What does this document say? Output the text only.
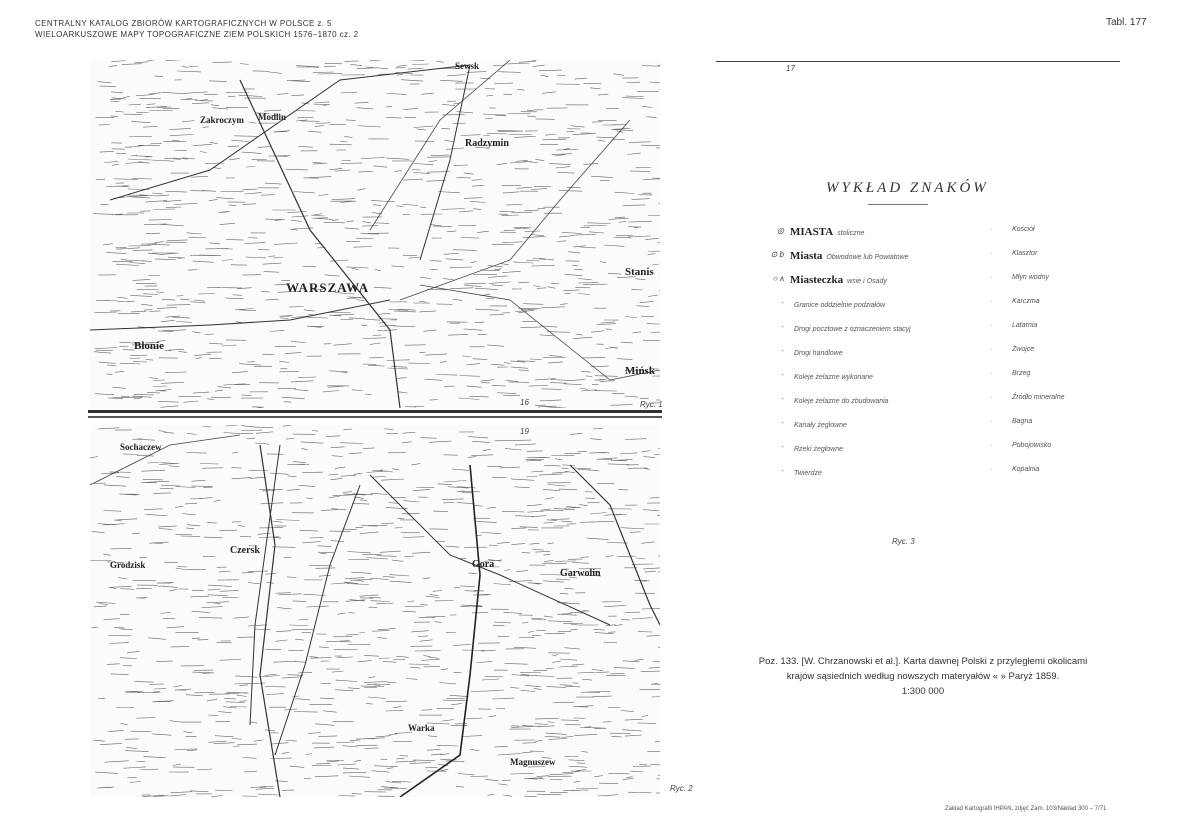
CENTRALNY KATALOG ZBIORÓW KARTOGRAFICZNYCH W POLSCE z. 5
WIELOARKUSZOWE MAPY TOPOGRAFICZNE ZIEM POLSKICH 1576–1870 cz. 2
Tabl. 177
Sewsk
Radzymin
WARSZAWA
Błonie
Mińsk
Stanis
Zakroczym Modlin
16	Ryc. 1
Sochaczew
Gora
Czersk
Garwolin
Warka
Magnuszew
Grodzisk
19
Ryc. 2
17
WYKŁAD ZNAKÓW
◎ MIASTA stoliczne
·	Kościół
⊙ b Miasta Obwodowe lub Powiatowe
·	Klasztor
○ ʌ Miasteczka wsie i Osady
·	Młyn wodny
·	Granice oddzielnie podziałów
·	Karczma
·	Drogi pocztowe z oznaczeniem stacyj
·	Latarnia
·	Drogi handlowe
·	Zwojce
·	Koleje żelazne wykonane
·	Brzeg
·	Koleje żelazne do zbudowania
·	Źródło mineralne
·	Kanały żeglowne
·	Bagna
·	Rzeki żeglowne
·	Pobojowisko
·	Twierdze
·	Kopalnia
Ryc. 3
Poz. 133. [W. Chrzanowski et al.]. Karta dawnej Polski z przyległemi okolicami
krajów sąsiednich według nowszych materyałów « » Paryż 1859.
1:300 000
Zakład Kartografii IHPAN, zdjęć Zam. 103/Nakład 300 – 7/71
